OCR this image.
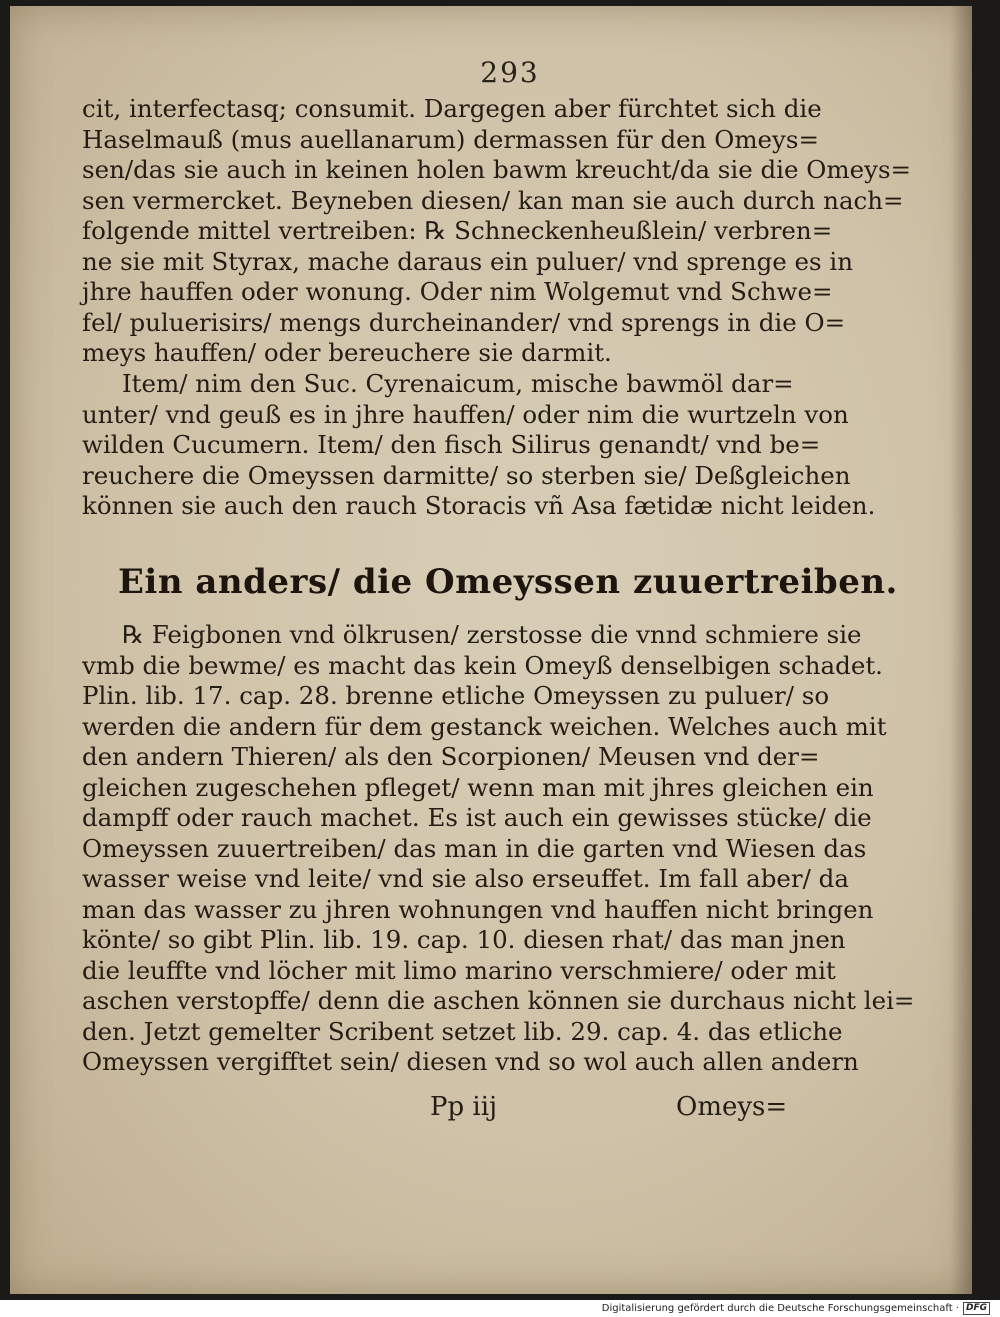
293
cit, interfectasq; consumit. Dargegen aber fürchtet sich die
Haselmauß (mus auellanarum) dermassen für den Omeys=
sen/das sie auch in keinen holen bawm kreucht/da sie die Omeys=
sen vermercket. Beyneben diesen/ kan man sie auch durch nach=
folgende mittel vertreiben: ℞ Schneckenheußlein/ verbren=
ne sie mit Styrax, mache daraus ein puluer/ vnd sprenge es in
jhre hauffen oder wonung. Oder nim Wolgemut vnd Schwe=
fel/ puluerisirs/ mengs durcheinander/ vnd sprengs in die O=
meys hauffen/ oder bereuchere sie darmit.
Item/ nim den Suc. Cyrenaicum, mische bawmöl dar=
unter/ vnd geuß es in jhre hauffen/ oder nim die wurtzeln von
wilden Cucumern. Item/ den fisch Silirus genandt/ vnd be=
reuchere die Omeyssen darmitte/ so sterben sie/ Deßgleichen
können sie auch den rauch Storacis vñ Asa fætidæ nicht leiden.
Ein anders/ die Omeyssen zuuertreiben.
℞ Feigbonen vnd ölkrusen/ zerstosse die vnnd schmiere sie
vmb die bewme/ es macht das kein Omeyß denselbigen schadet.
Plin. lib. 17. cap. 28. brenne etliche Omeyssen zu puluer/ so
werden die andern für dem gestanck weichen. Welches auch mit
den andern Thieren/ als den Scorpionen/ Meusen vnd der=
gleichen zugeschehen pfleget/ wenn man mit jhres gleichen ein
dampff oder rauch machet. Es ist auch ein gewisses stücke/ die
Omeyssen zuuertreiben/ das man in die garten vnd Wiesen das
wasser weise vnd leite/ vnd sie also erseuffet. Im fall aber/ da
man das wasser zu jhren wohnungen vnd hauffen nicht bringen
könte/ so gibt Plin. lib. 19. cap. 10. diesen rhat/ das man jnen
die leuffte vnd löcher mit limo marino verschmiere/ oder mit
aschen verstopffe/ denn die aschen können sie durchaus nicht lei=
den. Jetzt gemelter Scribent setzet lib. 29. cap. 4. das etliche
Omeyssen vergifftet sein/ diesen vnd so wol auch allen andern
Pp iij	Omeys=
Digitalisierung gefördert durch die Deutsche Forschungsgemeinschaft · DFG
